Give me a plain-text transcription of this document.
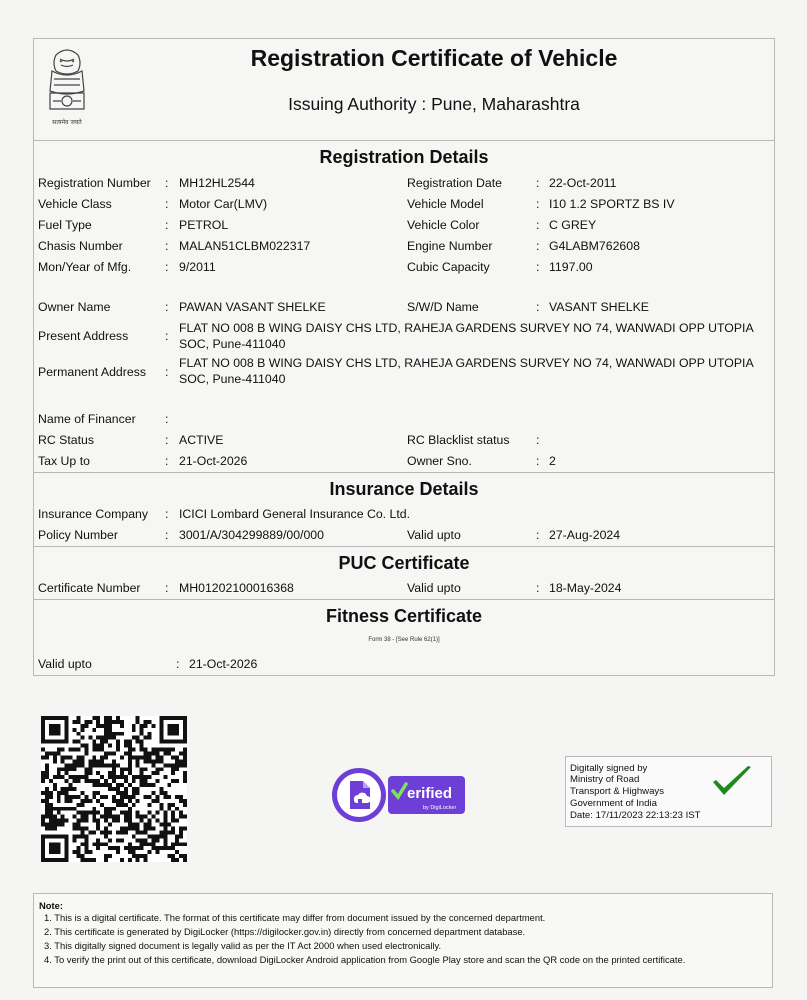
सत्यमेव जयते
Registration Certificate of Vehicle
Issuing Authority : Pune, Maharashtra
Registration Details
Registration Number : MH12HL2544	Registration Date	: 22-Oct-2011
Vehicle Class	: Motor Car(LMV)	Vehicle Model	: I10 1.2 SPORTZ BS IV
Fuel Type	: PETROL	Vehicle Color	: C GREY
Chasis Number	: MALAN51CLBM022317	Engine Number	: G4LABM762608
Mon/Year of Mfg.	: 9/2011	Cubic Capacity	: 1197.00
Owner Name	: PAWAN VASANT SHELKE	S/W/D Name	: VASANT SHELKE
Present Address	:
FLAT NO 008 B WING DAISY CHS LTD, RAHEJA GARDENS SURVEY NO 74, WANWADI OPP UTOPIA
SOC, Pune-411040
Permanent Address :
FLAT NO 008 B WING DAISY CHS LTD, RAHEJA GARDENS SURVEY NO 74, WANWADI OPP UTOPIA
SOC, Pune-411040
Name of Financer :
RC Status	: ACTIVE	RC Blacklist status :
Tax Up to	: 21-Oct-2026	Owner Sno.	: 2
Insurance Details
Insurance Company : ICICI Lombard General Insurance Co. Ltd.
Policy Number	: 3001/A/304299889/00/000	Valid upto	: 27-Aug-2024
PUC Certificate
Certificate Number : MH01202100016368	Valid upto	: 18-May-2024
Fitness Certificate
Form 38 - [See Rule 62(1)]
Valid upto	: 21-Oct-2026
erified
by DigiLocker
Digitally signed by
Ministry of Road
Transport & Highways
Government of India
Date: 17/11/2023 22:13:23 IST
Note:
1. This is a digital certificate. The format of this certificate may differ from document issued by the concerned department.
2. This certificate is generated by DigiLocker (https://digilocker.gov.in) directly from concerned department database.
3. This digitally signed document is legally valid as per the IT Act 2000 when used electronically.
4. To verify the print out of this certificate, download DigiLocker Android application from Google Play store and scan the QR code on the printed certificate.
